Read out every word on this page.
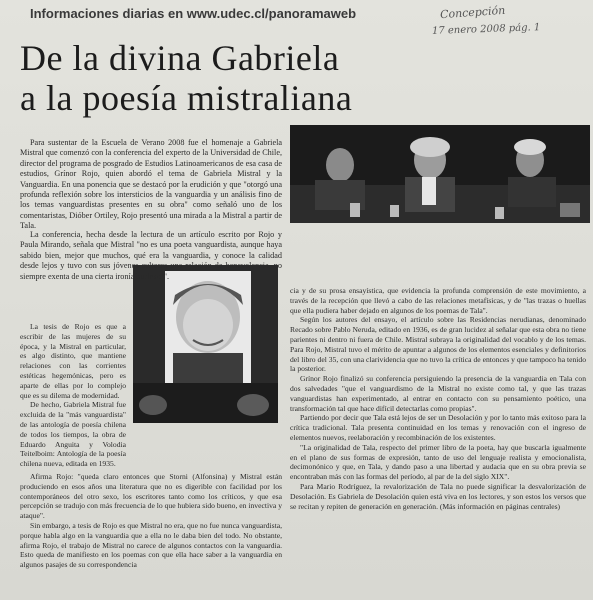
Informaciones diarias en www.udec.cl/panoramaweb	Concepción
17 enero 2008 pág. 1
De la divina Gabriela
a la poesía mistraliana

Para sustentar de la Escuela de Verano 2008 fue el homenaje a Gabriela Mistral que comenzó con la conferencia del experto de la Universidad de Chile, director del programa de posgrado de Estudios Latinoamericanos de esa casa de estudios, Grínor Rojo, quien abordó el tema de Gabriela Mistral y la Vanguardia. En una ponencia que se destacó por la erudición y que "otorgó una profunda reflexión sobre los intersticios de la vanguardia y un análisis fino de los temas vanguardistas presentes en su obra" como señaló uno de los comentaristas, Dióber Ortiley, Rojo presentó una mirada a la Mistral a partir de Tala.

La conferencia, hecha desde la lectura de un artículo escrito por Rojo y Paula Mirando, señala que Mistral "no es una poeta vanguardista, aunque haya sabido bien, mejor que muchos, qué era la vanguardia, y conoce la calidad desde lejos y tuvo con sus jóvenes cultores una relación de benevolencia, no siempre exenta de una cierta ironía burlesca".

La tesis de Rojo es que a escribir de las mujeres de su época, y la Mistral en particular, es algo distinto, que mantiene relaciones con las corrientes estéticas hegemónicas, pero es aparte de ellas por lo complejo que es su dilema de modernidad.

De hecho, Gabriela Mistral fue excluida de la "más vanguardista" de las antología de poesía chilena de todos los tiempos, la obra de Eduardo Anguita y Volodia Teitelboim: Antología de la poesía chilena nueva, editada en 1935.

Afirma Rojo: "queda claro entonces que Storni (Alfonsina) y Mistral están produciendo en esos años una literatura que no es digerible con facilidad por los contemporáneos del otro sexo, los escritores tanto como los críticos, y que esa percepción se tradujo con más frecuencia de lo que hubiera sido bueno, en invectiva y ataque".

Sin embargo, a tesis de Rojo es que Mistral no era, que no fue nunca vanguardista, porque habla algo en la vanguardia que a ella no le daba bien del todo. No obstante, afirma Rojo, el trabajo de Mistral no carece de algunos contactos con la vanguardia. Esto queda de manifiesto en los poemas con que ella hace saber a la vanguardia en algunos pasajes de su correspondencia

cia y de su prosa ensayística, que evidencia la profunda comprensión de este movimiento, a través de la recepción que llevó a cabo de las relaciones metafísicas, y de "las trazas o huellas que ella pudiera haber dejado en algunos de los poemas de Tala".

Según los autores del ensayo, el artículo sobre las Residencias nerudianas, denominado Recado sobre Pablo Neruda, editado en 1936, es de gran lucidez al señalar que esta obra no tiene parientes ni dentro ni fuera de Chile. Mistral subraya la originalidad del vocablo y de los temas. Para Rojo, Mistral tuvo el mérito de apuntar a algunos de los elementos esenciales y definitorios del libro del 35, con una clarividencia que no tuvo la crítica de entonces y que tampoco ha tenido la posterior.

Grínor Rojo finalizó su conferencia persiguiendo la presencia de la vanguardia en Tala con dos salvedades "que el vanguardismo de la Mistral no existe como tal, y que las trazas vanguardistas han experimentado, al entrar en contacto con su pensamiento poético, una transformación tal que hace difícil detectarlas como propias".

Partiendo por decir que Tala está lejos de ser un Desolación y por lo tanto más exitoso para la crítica tradicional. Tala presenta continuidad en los temas y renovación con el ingreso de elementos nuevos, reelaboración y recombinación de los existentes.

"La originalidad de Tala, respecto del primer libro de la poeta, hay que buscarla igualmente en el plano de sus formas de expresión, tanto de uso del lenguaje realista y emocionalista, decimonónico y que, en Tala, y dando paso a una libertad y audacia que en su obra previa se encontraban más con las formas del período, al par de la del siglo XIX".

Para Mario Rodríguez, la revalorización de Tala no puede significar la desvalorización de Desolación. Es Gabriela de Desolación quien está viva en los lectores, y son estos los versos que se recitan y repiten de generación en generación. (Más información en páginas centrales)
